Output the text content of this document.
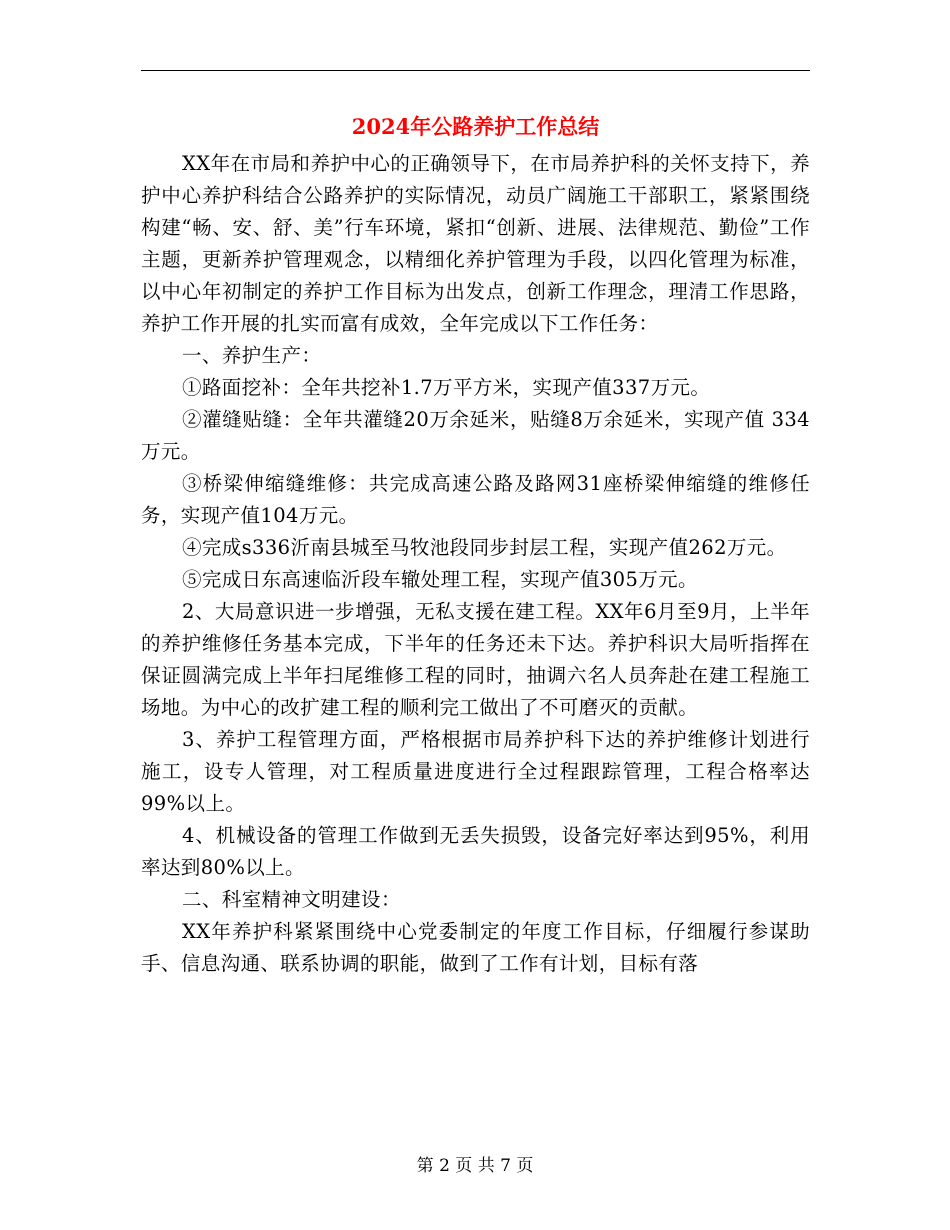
2024年公路养护工作总结

XX年在市局和养护中心的正确领导下，在市局养护科的关怀支持下，养护中心养护科结合公路养护的实际情况，动员广阔施工干部职工，紧紧围绕构建“畅、安、舒、美”行车环境，紧扣“创新、进展、法律规范、勤俭”工作主题，更新养护管理观念，以精细化养护管理为手段，以四化管理为标准，以中心年初制定的养护工作目标为出发点，创新工作理念，理清工作思路，养护工作开展的扎实而富有成效，全年完成以下工作任务：

一、养护生产：

①路面挖补：全年共挖补1.7万平方米，实现产值337万元。

②灌缝贴缝：全年共灌缝20万余延米，贴缝8万余延米，实现产值 334万元。

③桥梁伸缩缝维修：共完成高速公路及路网31座桥梁伸缩缝的维修任务，实现产值104万元。

④完成s336沂南县城至马牧池段同步封层工程，实现产值262万元。

⑤完成日东高速临沂段车辙处理工程，实现产值305万元。

2、大局意识进一步增强，无私支援在建工程。XX年6月至9月，上半年的养护维修任务基本完成，下半年的任务还未下达。养护科识大局听指挥在保证圆满完成上半年扫尾维修工程的同时，抽调六名人员奔赴在建工程施工场地。为中心的改扩建工程的顺利完工做出了不可磨灭的贡献。

3、养护工程管理方面，严格根据市局养护科下达的养护维修计划进行施工，设专人管理，对工程质量进度进行全过程跟踪管理，工程合格率达99%以上。

4、机械设备的管理工作做到无丢失损毁，设备完好率达到95%，利用率达到80%以上。

二、科室精神文明建设：

XX年养护科紧紧围绕中心党委制定的年度工作目标，仔细履行参谋助手、信息沟通、联系协调的职能，做到了工作有计划，目标有落

第 2 页 共 7 页
